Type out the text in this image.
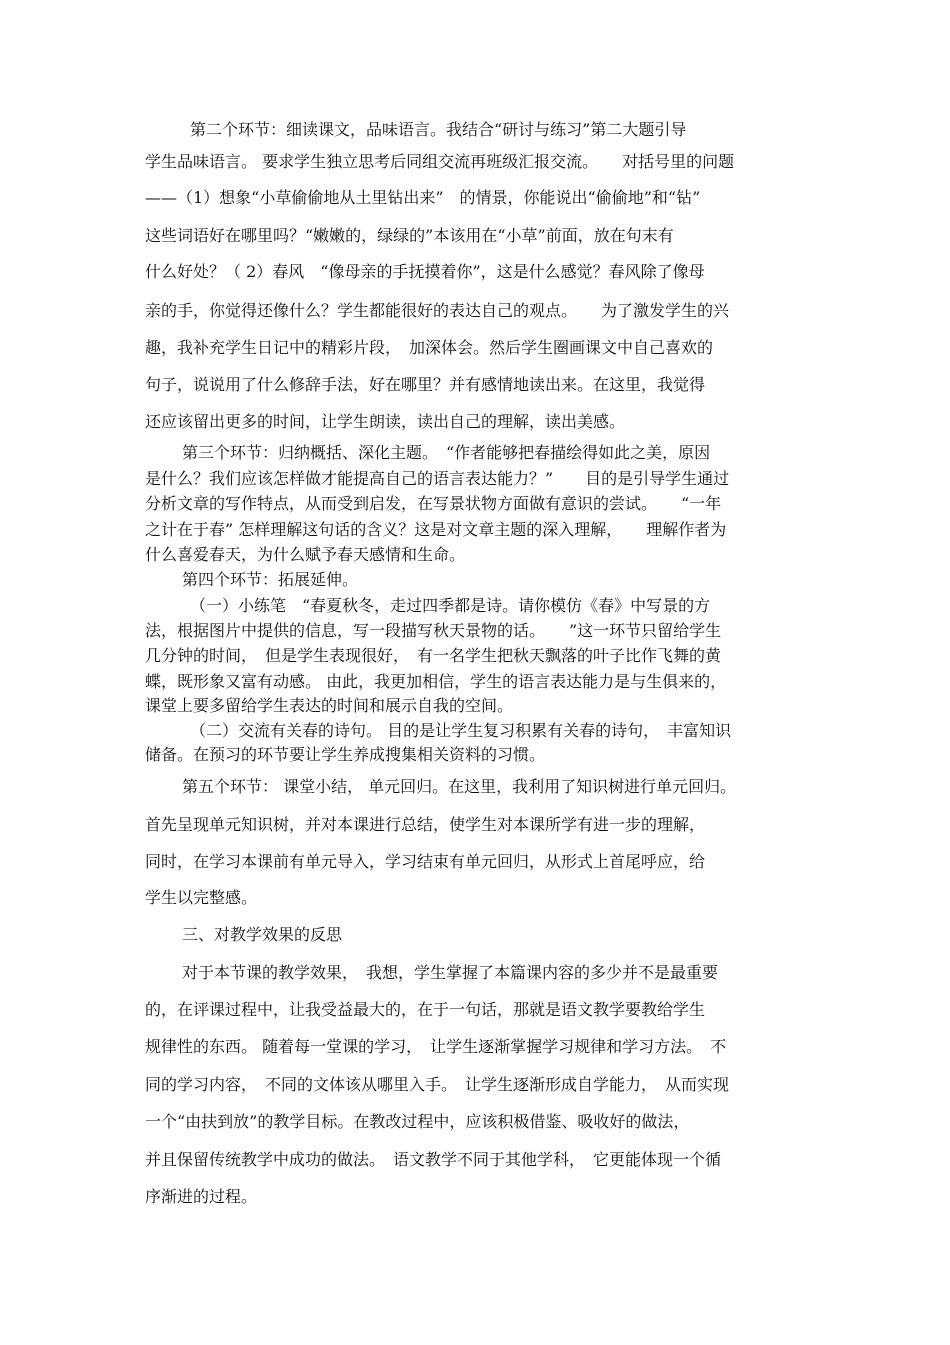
第二个环节：细读课文，品味语言。我结合“研讨与练习”第二大题引导
学生品味语言。 要求学生独立思考后同组交流再班级汇报交流。　　对括号里的问题
——（1）想象“小草偷偷地从土里钻出来”　的情景，你能说出“偷偷地”和“钻”
这些词语好在哪里吗？“嫩嫩的，绿绿的”本该用在“小草”前面，放在句末有
什么好处？（ 2）春风　“像母亲的手抚摸着你”，这是什么感觉？春风除了像母
亲的手，你觉得还像什么？学生都能很好的表达自己的观点。　　为了激发学生的兴
趣，我补充学生日记中的精彩片段，　加深体会。然后学生圈画课文中自己喜欢的
句子，说说用了什么修辞手法，好在哪里？并有感情地读出来。在这里，我觉得
还应该留出更多的时间，让学生朗读，读出自己的理解，读出美感。
第三个环节：归纳概括、深化主题。　“作者能够把春描绘得如此之美，原因
是什么？我们应该怎样做才能提高自己的语言表达能力？”　　目的是引导学生通过
分析文章的写作特点，从而受到启发，在写景状物方面做有意识的尝试。　　“一年
之计在于春” 怎样理解这句话的含义？这是对文章主题的深入理解，　　理解作者为
什么喜爱春天，为什么赋予春天感情和生命。
第四个环节：拓展延伸。
（一）小练笔　“春夏秋冬，走过四季都是诗。请你模仿《春》中写景的方
法，根据图片中提供的信息，写一段描写秋天景物的话。　　”这一环节只留给学生
几分钟的时间，　但是学生表现很好，　有一名学生把秋天飘落的叶子比作飞舞的黄
蝶，既形象又富有动感。 由此，我更加相信，学生的语言表达能力是与生俱来的，
课堂上要多留给学生表达的时间和展示自我的空间。
（二）交流有关春的诗句。 目的是让学生复习积累有关春的诗句，　丰富知识
储备。在预习的环节要让学生养成搜集相关资料的习惯。
第五个环节： 课堂小结， 单元回归。在这里，我利用了知识树进行单元回归。
首先呈现单元知识树，并对本课进行总结，使学生对本课所学有进一步的理解，
同时，在学习本课前有单元导入，学习结束有单元回归，从形式上首尾呼应，给
学生以完整感。
三、对教学效果的反思
对于本节课的教学效果，　我想，学生掌握了本篇课内容的多少并不是最重要
的，在评课过程中，让我受益最大的，在于一句话，那就是语文教学要教给学生
规律性的东西。 随着每一堂课的学习，　让学生逐渐掌握学习规律和学习方法。　不
同的学习内容，　不同的文体该从哪里入手。　让学生逐渐形成自学能力，　从而实现
一个“由扶到放”的教学目标。在教改过程中，应该积极借鉴、吸收好的做法，
并且保留传统教学中成功的做法。　语文教学不同于其他学科，　它更能体现一个循
序渐进的过程。
